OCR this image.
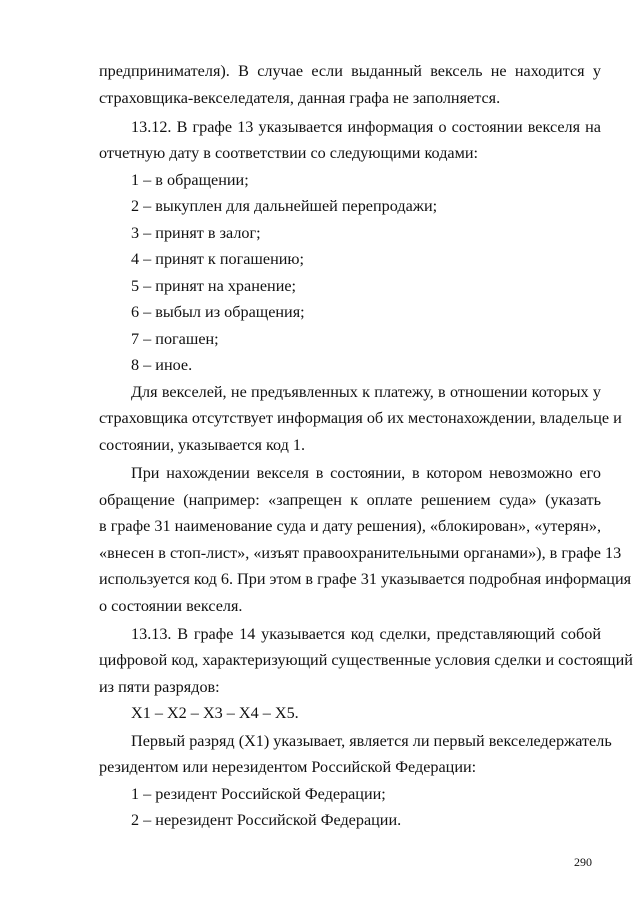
предпринимателя). В случае если выданный вексель не находится у
страховщика-векселедателя, данная графа не заполняется.
13.12. В графе 13 указывается информация о состоянии векселя на
отчетную дату в соответствии со следующими кодами:
1 – в обращении;
2 – выкуплен для дальнейшей перепродажи;
3 – принят в залог;
4 – принят к погашению;
5 – принят на хранение;
6 – выбыл из обращения;
7 – погашен;
8 – иное.
Для векселей, не предъявленных к платежу, в отношении которых у
страховщика отсутствует информация об их местонахождении, владельце и
состоянии, указывается код 1.
При нахождении векселя в состоянии, в котором невозможно его
обращение (например: «запрещен к оплате решением суда» (указать
в графе 31 наименование суда и дату решения), «блокирован», «утерян»,
«внесен в стоп-лист», «изъят правоохранительными органами»), в графе 13
используется код 6. При этом в графе 31 указывается подробная информация
о состоянии векселя.
13.13. В графе 14 указывается код сделки, представляющий собой
цифровой код, характеризующий существенные условия сделки и состоящий
из пяти разрядов:
Х1 – Х2 – Х3 – Х4 – Х5.
Первый разряд (Х1) указывает, является ли первый векселедержатель
резидентом или нерезидентом Российской Федерации:
1 – резидент Российской Федерации;
2 – нерезидент Российской Федерации.
290
